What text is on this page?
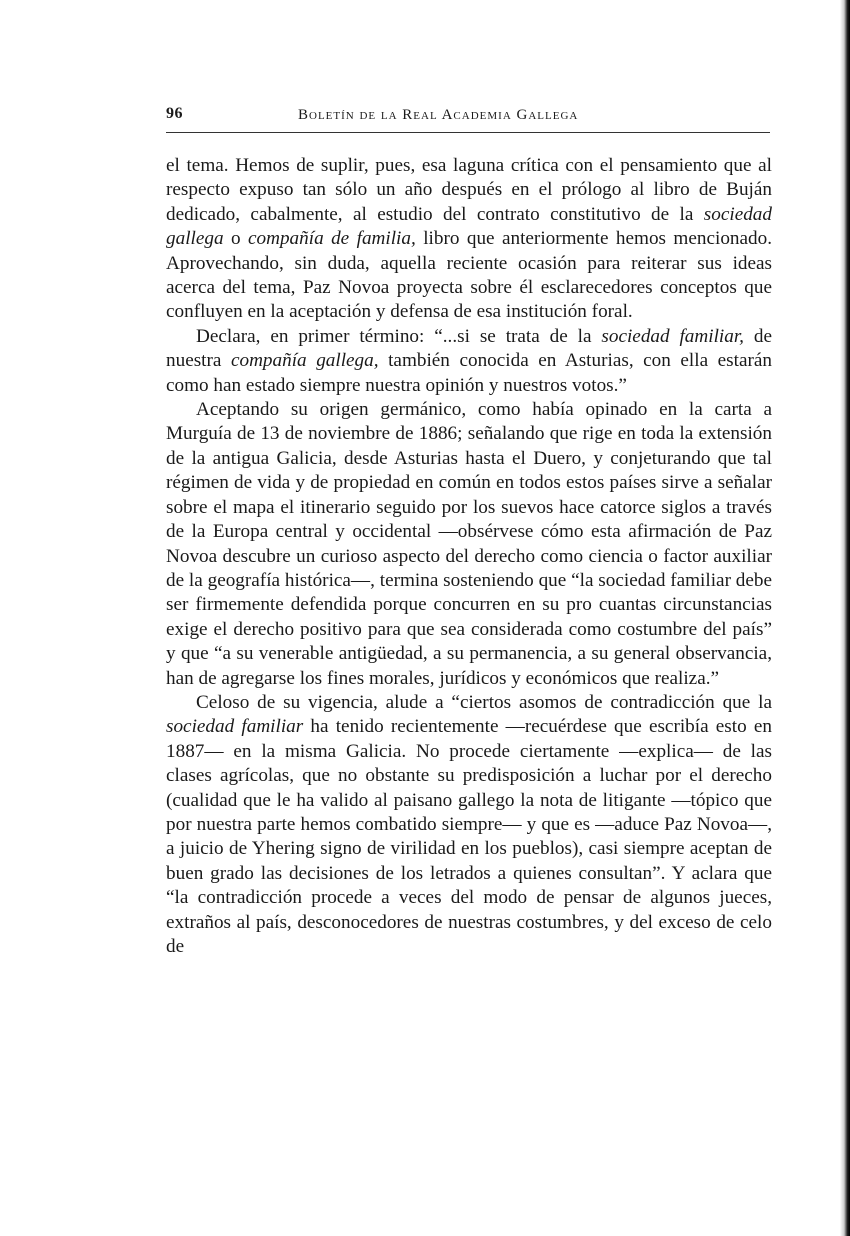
96	Boletín de la Real Academia Gallega

el tema. Hemos de suplir, pues, esa laguna crítica con el pensamiento que al respecto expuso tan sólo un año después en el prólogo al libro de Buján dedicado, cabalmente, al estudio del contrato constitutivo de la sociedad gallega o compañía de familia, libro que anteriormente hemos mencionado. Aprovechando, sin duda, aquella reciente ocasión para reiterar sus ideas acerca del tema, Paz Novoa proyecta sobre él esclarecedores conceptos que confluyen en la aceptación y defensa de esa institución foral.

Declara, en primer término: “...si se trata de la sociedad familiar, de nuestra compañía gallega, también conocida en Asturias, con ella estarán como han estado siempre nuestra opinión y nuestros votos.”

Aceptando su origen germánico, como había opinado en la carta a Murguía de 13 de noviembre de 1886; señalando que rige en toda la extensión de la antigua Galicia, desde Asturias hasta el Duero, y conjeturando que tal régimen de vida y de propiedad en común en todos estos países sirve a señalar sobre el mapa el itinerario seguido por los suevos hace catorce siglos a través de la Europa central y occidental —obsérvese cómo esta afirmación de Paz Novoa descubre un curioso aspecto del derecho como ciencia o factor auxiliar de la geografía histórica—, termina sosteniendo que “la sociedad familiar debe ser firmemente defendida porque concurren en su pro cuantas circunstancias exige el derecho positivo para que sea considerada como costumbre del país” y que “a su venerable antigüedad, a su permanencia, a su general observancia, han de agregarse los fines morales, jurídicos y económicos que realiza.”

Celoso de su vigencia, alude a “ciertos asomos de contradicción que la sociedad familiar ha tenido recientemente —recuérdese que escribía esto en 1887— en la misma Galicia. No procede ciertamente —explica— de las clases agrícolas, que no obstante su predisposición a luchar por el derecho (cualidad que le ha valido al paisano gallego la nota de litigante —tópico que por nuestra parte hemos combatido siempre— y que es —aduce Paz Novoa—, a juicio de Yhering signo de virilidad en los pueblos), casi siempre aceptan de buen grado las decisiones de los letrados a quienes consultan”. Y aclara que “la contradicción procede a veces del modo de pensar de algunos jueces, extraños al país, desconocedores de nuestras costumbres, y del exceso de celo de
